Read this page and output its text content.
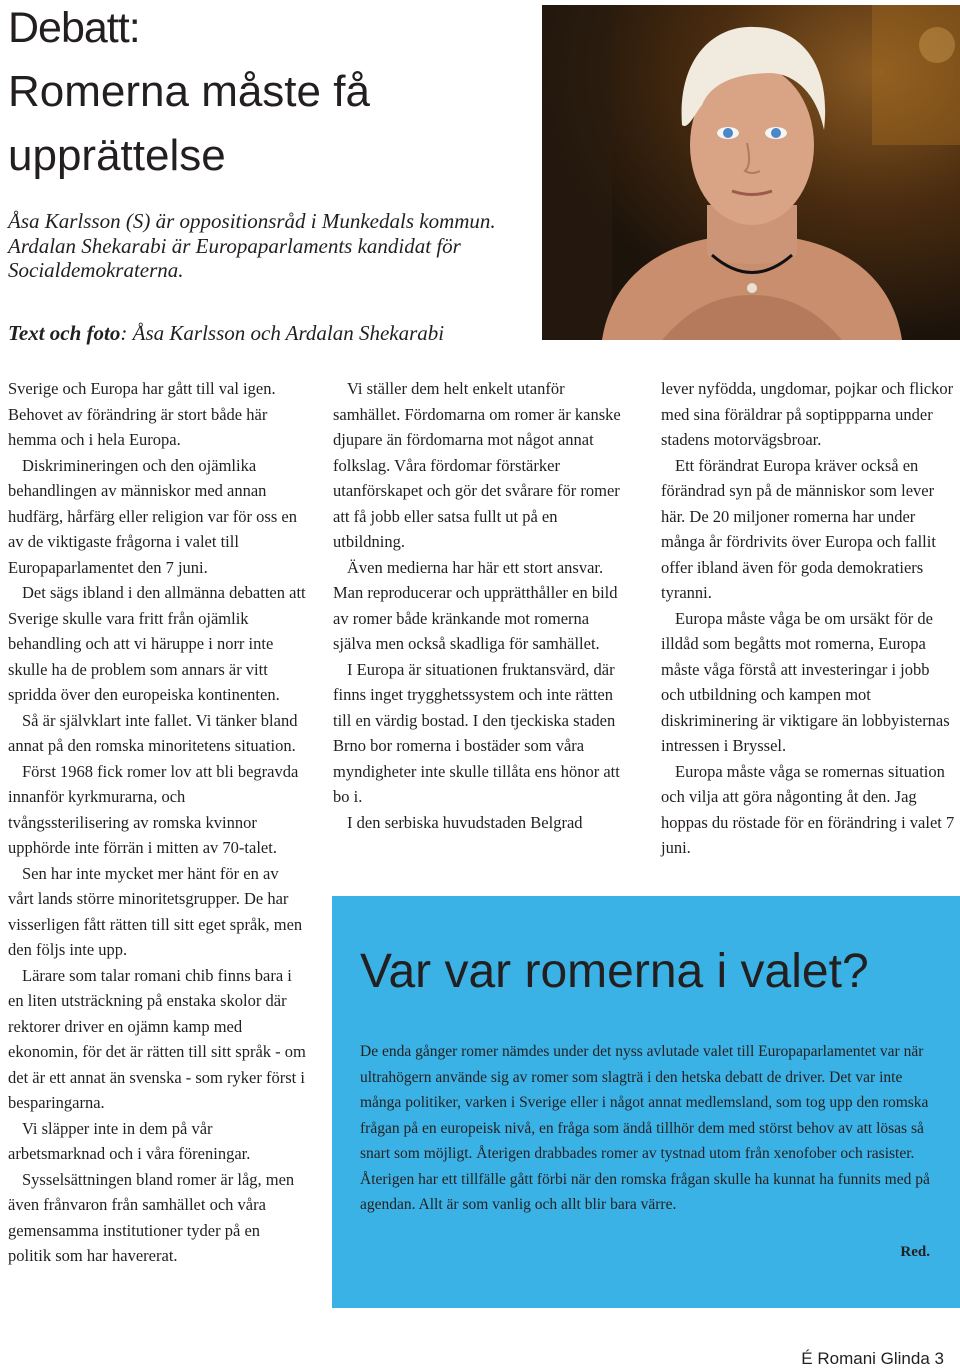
Debatt:
Romerna måste få upprättelse

Åsa Karlsson (S) är oppositionsråd i Munkedals kommun.

Ardalan Shekarabi är Europaparlaments kandidat för Socialdemokraterna.

Text och foto: Åsa Karlsson och Ardalan Shekarabi

Sverige och Europa har gått till val igen. Behovet av förändring är stort både här hemma och i hela Europa.

Diskrimineringen och den ojämlika behandlingen av människor med annan hudfärg, hårfärg eller religion var för oss en av de viktigaste frågorna i valet till Europaparlamentet den 7 juni.

Det sägs ibland i den allmänna debatten att Sverige skulle vara fritt från ojämlik behandling och att vi häruppe i norr inte skulle ha de problem som annars är vitt spridda över den europeiska kontinenten.

Så är självklart inte fallet. Vi tänker bland annat på den romska minoritetens situation.

Först 1968 fick romer lov att bli begravda innanför kyrkmurarna, och tvångssterilisering av romska kvinnor upphörde inte förrän i mitten av 70-talet.

Sen har inte mycket mer hänt för en av vårt lands större minoritetsgrupper. De har visserligen fått rätten till sitt eget språk, men den följs inte upp.

Lärare som talar romani chib finns bara i en liten utsträckning på enstaka skolor där rektorer driver en ojämn kamp med ekonomin, för det är rätten till sitt språk - om det är ett annat än svenska - som ryker först i besparingarna.

Vi släpper inte in dem på vår arbetsmarknad och i våra föreningar.

Sysselsättningen bland romer är låg, men även frånvaron från samhället och våra gemensamma institutioner tyder på en politik som har havererat.

Vi ställer dem helt enkelt utanför samhället. Fördomarna om romer är kanske djupare än fördomarna mot något annat folkslag. Våra fördomar förstärker utanförskapet och gör det svårare för romer att få jobb eller satsa fullt ut på en utbildning.

Även medierna har här ett stort ansvar. Man reproducerar och upprätthåller en bild av romer både kränkande mot romerna själva men också skadliga för samhället.

I Europa är situationen fruktansvärd, där finns inget trygghetssystem och inte rätten till en värdig bostad. I den tjeckiska staden Brno bor romerna i bostäder som våra myndigheter inte skulle tillåta ens hönor att bo i.

I den serbiska huvudstaden Belgrad

lever nyfödda, ungdomar, pojkar och flickor med sina föräldrar på soptippparna under stadens motorvägsbroar.

Ett förändrat Europa kräver också en förändrad syn på de människor som lever här. De 20 miljoner romerna har under många år fördrivits över Europa och fallit offer ibland även för goda demokratiers tyranni.

Europa måste våga be om ursäkt för de illdåd som begåtts mot romerna, Europa måste våga förstå att investeringar i jobb och utbildning och kampen mot diskriminering är viktigare än lobbyisternas intressen i Bryssel.

Europa måste våga se romernas situation och vilja att göra någonting åt den. Jag hoppas du röstade för en förändring i valet 7 juni.

Var var romerna i valet?

De enda gånger romer nämdes under det nyss avlutade valet till Europaparlamentet var när ultrahögern använde sig av romer som slagträ i den hetska debatt de driver. Det var inte många politiker, varken i Sverige eller i något annat medlemsland, som tog upp den romska frågan på en europeisk nivå, en fråga som ändå tillhör dem med störst behov av att lösas så snart som möjligt. Återigen drabbades romer av tystnad utom från xenofober och rasister. Återigen har ett tillfälle gått förbi när den romska frågan skulle ha kunnat ha funnits med på agendan. Allt är som vanlig och allt blir bara värre.

Red.
É Romani Glinda 3
